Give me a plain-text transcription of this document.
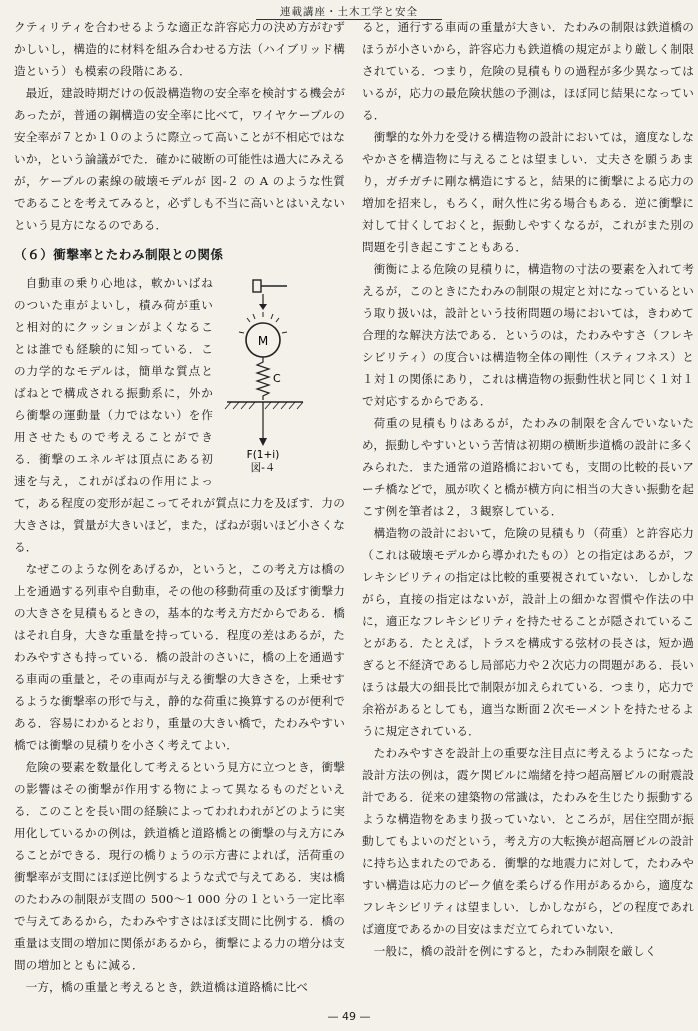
連載講座・土木工学と安全

クティリティを合わせるような適正な許容応力の決め方がむずかしいし，構造的に材料を組み合わせる方法（ハイブリッド構造という）も模索の段階にある．

最近，建設時期だけの仮設構造物の安全率を検討する機会があったが，普通の鋼構造の安全率に比べて，ワイヤケーブルの安全率が７とか１０のように際立って高いことが不相応ではないか，という論議がでた．確かに破断の可能性は過大にみえるが，ケーブルの素線の破壊モデルが 図-２ の A のような性質であることを考えてみると，必ずしも不当に高いとはいえないという見方になるのである．

（６）衝撃率とたわみ制限との関係
M
C
F(1+i)
図-４

自動車の乗り心地は，軟かいばねのついた車がよいし，積み荷が重いと相対的にクッションがよくなることは誰でも経験的に知っている．この力学的なモデルは，簡単な質点とばねとで構成される振動系に，外から衝撃の運動量（力ではない）を作用させたもので考えることができる．衝撃のエネルギは頂点にある初速を与え，これがばねの作用によって，ある程度の変形が起こってそれが質点に力を及ぼす．力の大きさは，質量が大きいほど，また，ばねが弱いほど小さくなる．

なぜこのような例をあげるか，というと，この考え方は橋の上を通過する列車や自動車，その他の移動荷重の及ぼす衝撃力の大きさを見積もるときの，基本的な考え方だからである．橋はそれ自身，大きな重量を持っている．程度の差はあるが，たわみやすさも持っている．橋の設計のさいに，橋の上を通過する車両の重量と，その車両が与える衝撃の大きさを，上乗せするような衝撃率の形で与え，静的な荷重に換算するのが便利である．容易にわかるとおり，重量の大きい橋で，たわみやすい橋では衝撃の見積りを小さく考えてよい．

危険の要素を数量化して考えるという見方に立つとき，衝撃の影響はその衝撃が作用する物によって異なるものだといえる．このことを長い間の経験によってわれわれがどのように実用化しているかの例は，鉄道橋と道路橋との衝撃の与え方にみることができる．現行の橋りょうの示方書によれば，活荷重の衝撃率が支間にほぼ逆比例するような式で与えてある．実は橋のたわみの制限が支間の 500～1 000 分の１という一定比率で与えてあるから，たわみやすさはほぼ支間に比例する．橋の重量は支間の増加に関係があるから，衝撃による力の増分は支間の増加とともに減る．

一方，橋の重量と考えるとき，鉄道橋は道路橋に比べ

ると，通行する車両の重量が大きい．たわみの制限は鉄道橋のほうが小さいから，許容応力も鉄道橋の規定がより厳しく制限されている．つまり，危険の見積もりの過程が多少異なってはいるが，応力の最危険状態の予測は，ほぼ同じ結果になっている．

衝撃的な外力を受ける構造物の設計においては，適度なしなやかさを構造物に与えることは望ましい．丈夫さを願うあまり，ガチガチに剛な構造にすると，結果的に衝撃による応力の増加を招来し，もろく，耐久性に劣る場合もある．逆に衝撃に対して甘くしておくと，振動しやすくなるが，これがまた別の問題を引き起こすこともある．

衝衡による危険の見積りに，構造物の寸法の要素を入れて考えるが，このときにたわみの制限の規定と対になっているという取り扱いは，設計という技術問題の場においては，きわめて合理的な解決方法である．というのは，たわみやすさ（フレキシビリティ）の度合いは構造物全体の剛性（スティフネス）と１対１の関係にあり，これは構造物の振動性状と同じく１対１で対応するからである．

荷重の見積もりはあるが，たわみの制限を含んでいないため，振動しやすいという苦情は初期の横断歩道橋の設計に多くみられた．また通常の道路橋においても，支間の比較的長いアーチ橋などで，風が吹くと橋が横方向に相当の大きい振動を起こす例を筆者は２，３観察している．

構造物の設計において，危険の見積もり（荷重）と許容応力（これは破壊モデルから導かれたもの）との指定はあるが，フレキシビリティの指定は比較的重要視されていない．しかしながら，直接の指定はないが，設計上の細かな習慣や作法の中に，適正なフレキシビリティを持たせることが隠されていることがある．たとえば，トラスを構成する弦材の長さは，短か過ぎると不経済であるし局部応力や２次応力の問題がある．長いほうは最大の細長比で制限が加えられている．つまり，応力で余裕があるとしても，適当な断面２次モーメントを持たせるように規定されている．

たわみやすさを設計上の重要な注目点に考えるようになった設計方法の例は，霞ケ関ビルに端緒を持つ超高層ビルの耐震設計である．従来の建築物の常識は，たわみを生じたり振動するような構造物をあまり扱っていない．ところが，居住空間が振動してもよいのだという，考え方の大転換が超高層ビルの設計に持ち込まれたのである．衝撃的な地震力に対して，たわみやすい構造は応力のピーク値を柔らげる作用があるから，適度なフレキシビリティは望ましい．しかしながら，どの程度であれば適度であるかの目安はまだ立てられていない．

一般に，橋の設計を例にすると，たわみ制限を厳しく

— 49 —
